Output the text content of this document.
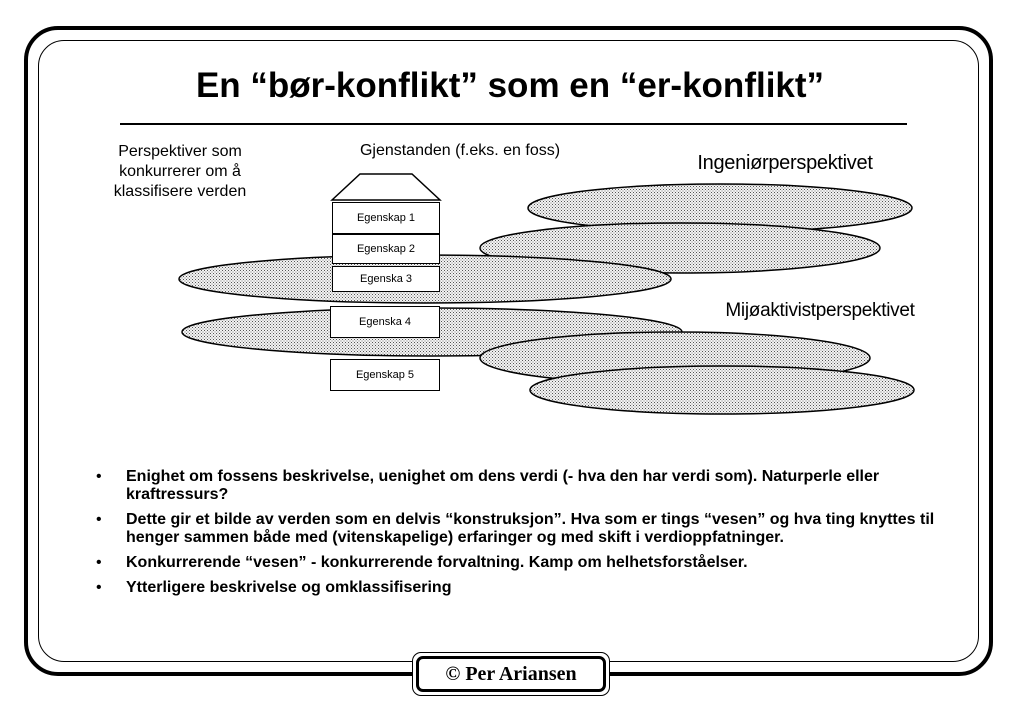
En “bør-konflikt” som en “er-konflikt”
Perspektiver som konkurrerer om å klassifisere verden
Gjenstanden (f.eks. en foss)
Ingeniørperspektivet
Mijøaktivistperspektivet
Egenskap 1
Egenskap 2
Egenska 3
Egenska 4
Egenskap 5
• Enighet om fossens beskrivelse, uenighet om dens verdi (- hva den har verdi som). Naturperle eller kraftressurs?
• Dette gir et bilde av verden som en delvis “konstruksjon”. Hva som er tings “vesen” og hva ting knyttes til henger sammen både med (vitenskapelige) erfaringer og med skift i verdioppfatninger.
• Konkurrerende “vesen” - konkurrerende forvaltning. Kamp om helhetsforståelser.
• Ytterligere beskrivelse og omklassifisering
© Per Ariansen
